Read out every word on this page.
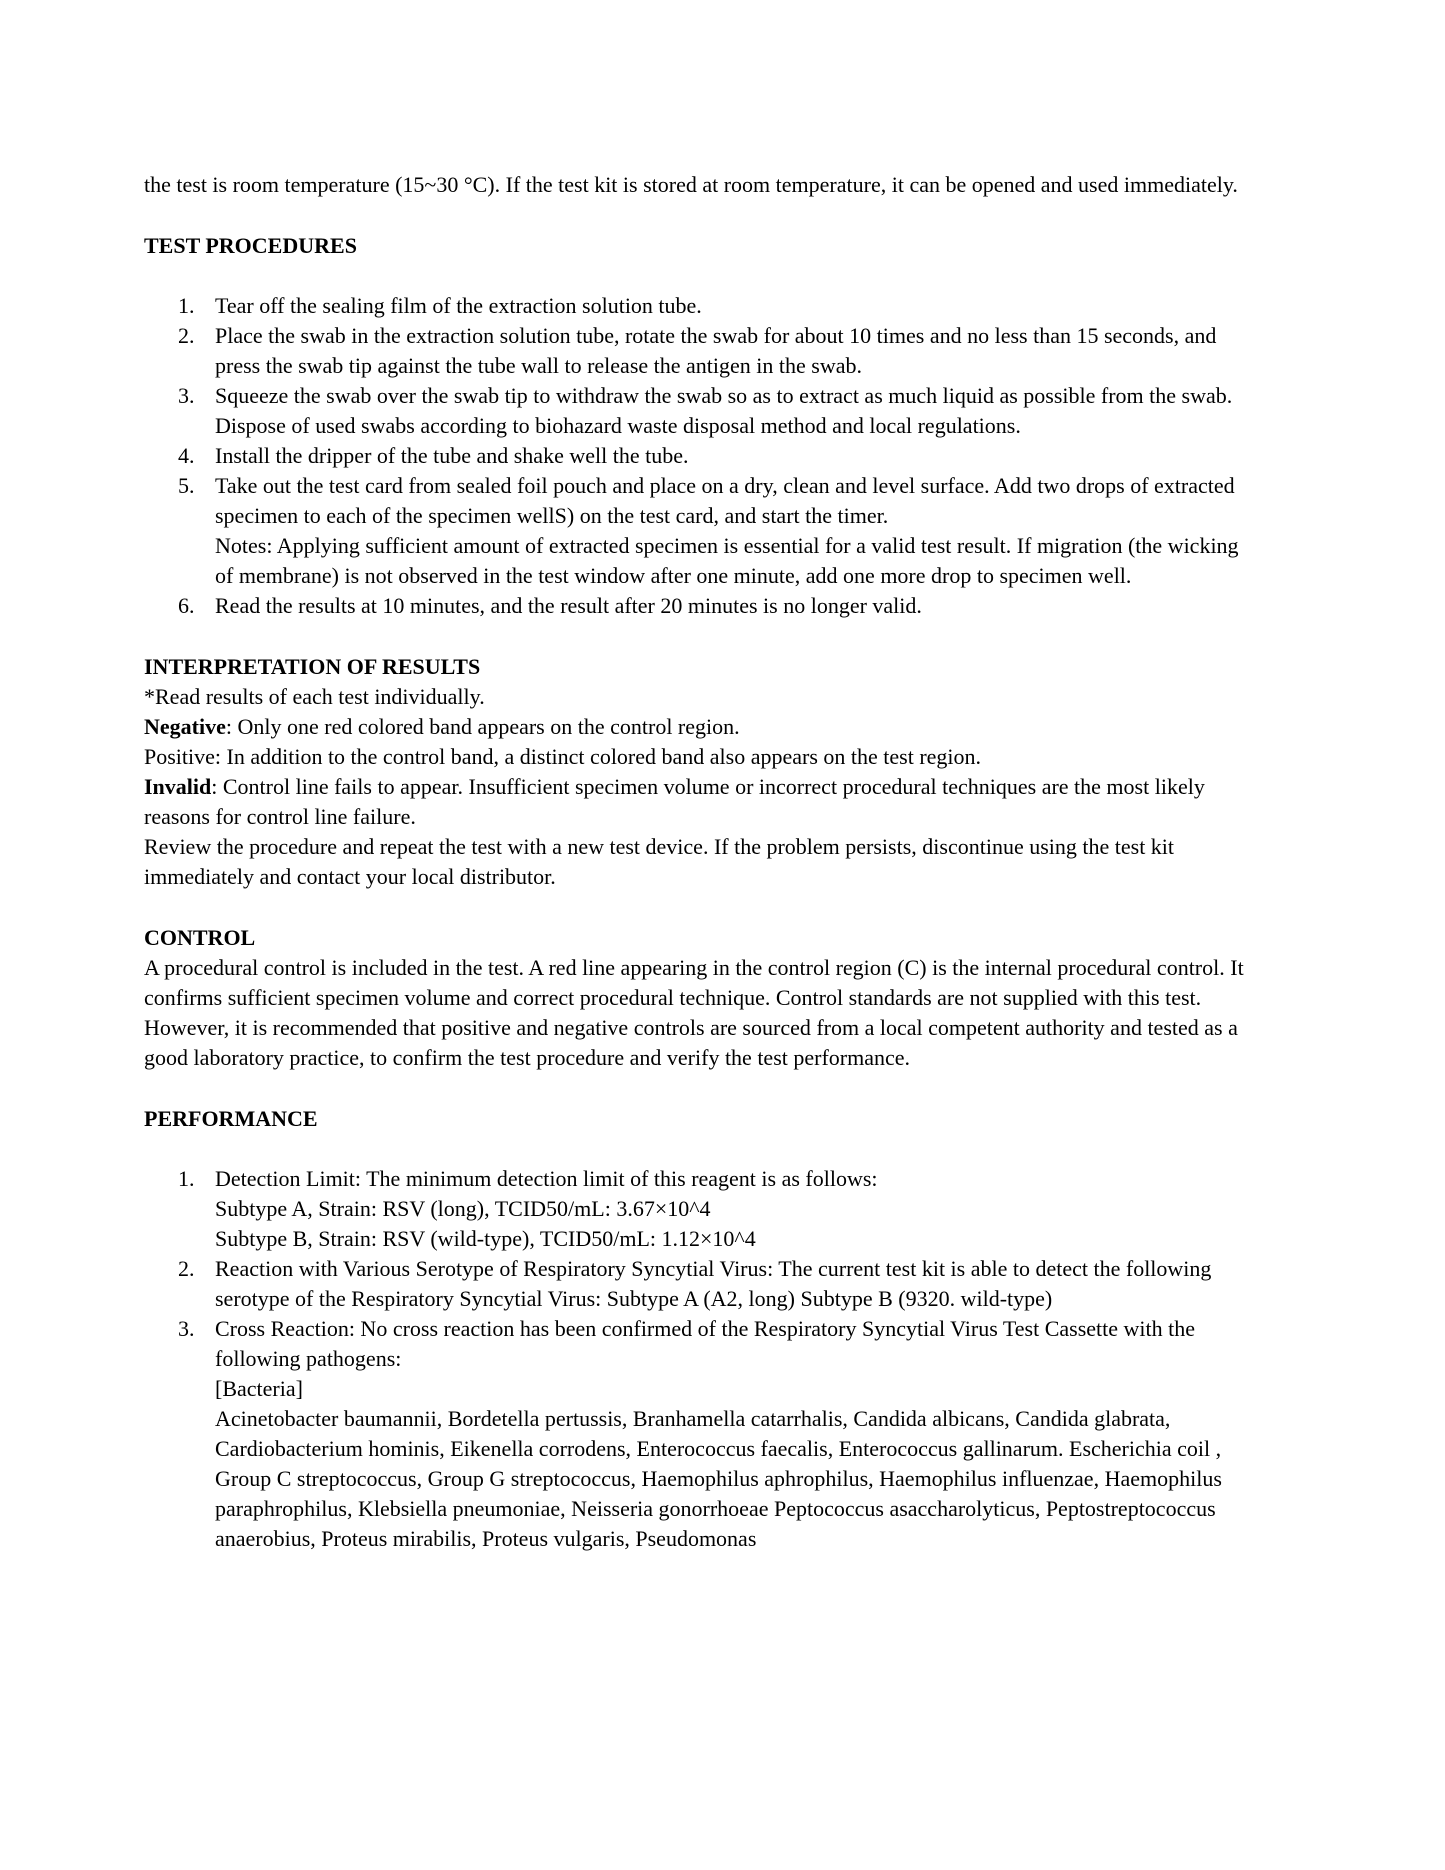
the test is room temperature (15~30 °C). If the test kit is stored at room temperature, it can be opened and used immediately.

TEST PROCEDURES
1. Tear off the sealing film of the extraction solution tube.
2. Place the swab in the extraction solution tube, rotate the swab for about 10 times and no less than 15 seconds, and press the swab tip against the tube wall to release the antigen in the swab.
3. Squeeze the swab over the swab tip to withdraw the swab so as to extract as much liquid as possible from the swab. Dispose of used swabs according to biohazard waste disposal method and local regulations.
4. Install the dripper of the tube and shake well the tube.
5. Take out the test card from sealed foil pouch and place on a dry, clean and level surface. Add two drops of extracted specimen to each of the specimen wellS) on the test card, and start the timer.
Notes: Applying sufficient amount of extracted specimen is essential for a valid test result. If migration (the wicking of membrane) is not observed in the test window after one minute, add one more drop to specimen well.
6. Read the results at 10 minutes, and the result after 20 minutes is no longer valid.
INTERPRETATION OF RESULTS

*Read results of each test individually.

Negative: Only one red colored band appears on the control region.

Positive: In addition to the control band, a distinct colored band also appears on the test region.

Invalid: Control line fails to appear. Insufficient specimen volume or incorrect procedural techniques are the most likely reasons for control line failure.

Review the procedure and repeat the test with a new test device. If the problem persists, discontinue using the test kit immediately and contact your local distributor.

CONTROL

A procedural control is included in the test. A red line appearing in the control region (C) is the internal procedural control. It confirms sufficient specimen volume and correct procedural technique. Control standards are not supplied with this test. However, it is recommended that positive and negative controls are sourced from a local competent authority and tested as a good laboratory practice, to confirm the test procedure and verify the test performance.

PERFORMANCE
1. Detection Limit: The minimum detection limit of this reagent is as follows:
Subtype A, Strain: RSV (long), TCID50/mL: 3.67×10^4
Subtype B, Strain: RSV (wild-type), TCID50/mL: 1.12×10^4
2. Reaction with Various Serotype of Respiratory Syncytial Virus: The current test kit is able to detect the following serotype of the Respiratory Syncytial Virus: Subtype A (A2, long) Subtype B (9320. wild-type)
3. Cross Reaction: No cross reaction has been confirmed of the Respiratory Syncytial Virus Test Cassette with the following pathogens:
[Bacteria]
Acinetobacter baumannii, Bordetella pertussis, Branhamella catarrhalis, Candida albicans, Candida glabrata, Cardiobacterium hominis, Eikenella corrodens, Enterococcus faecalis, Enterococcus gallinarum. Escherichia coil , Group C streptococcus, Group G streptococcus, Haemophilus aphrophilus, Haemophilus influenzae, Haemophilus paraphrophilus, Klebsiella pneumoniae, Neisseria gonorrhoeae Peptococcus asaccharolyticus, Peptostreptococcus anaerobius, Proteus mirabilis, Proteus vulgaris, Pseudomonas
